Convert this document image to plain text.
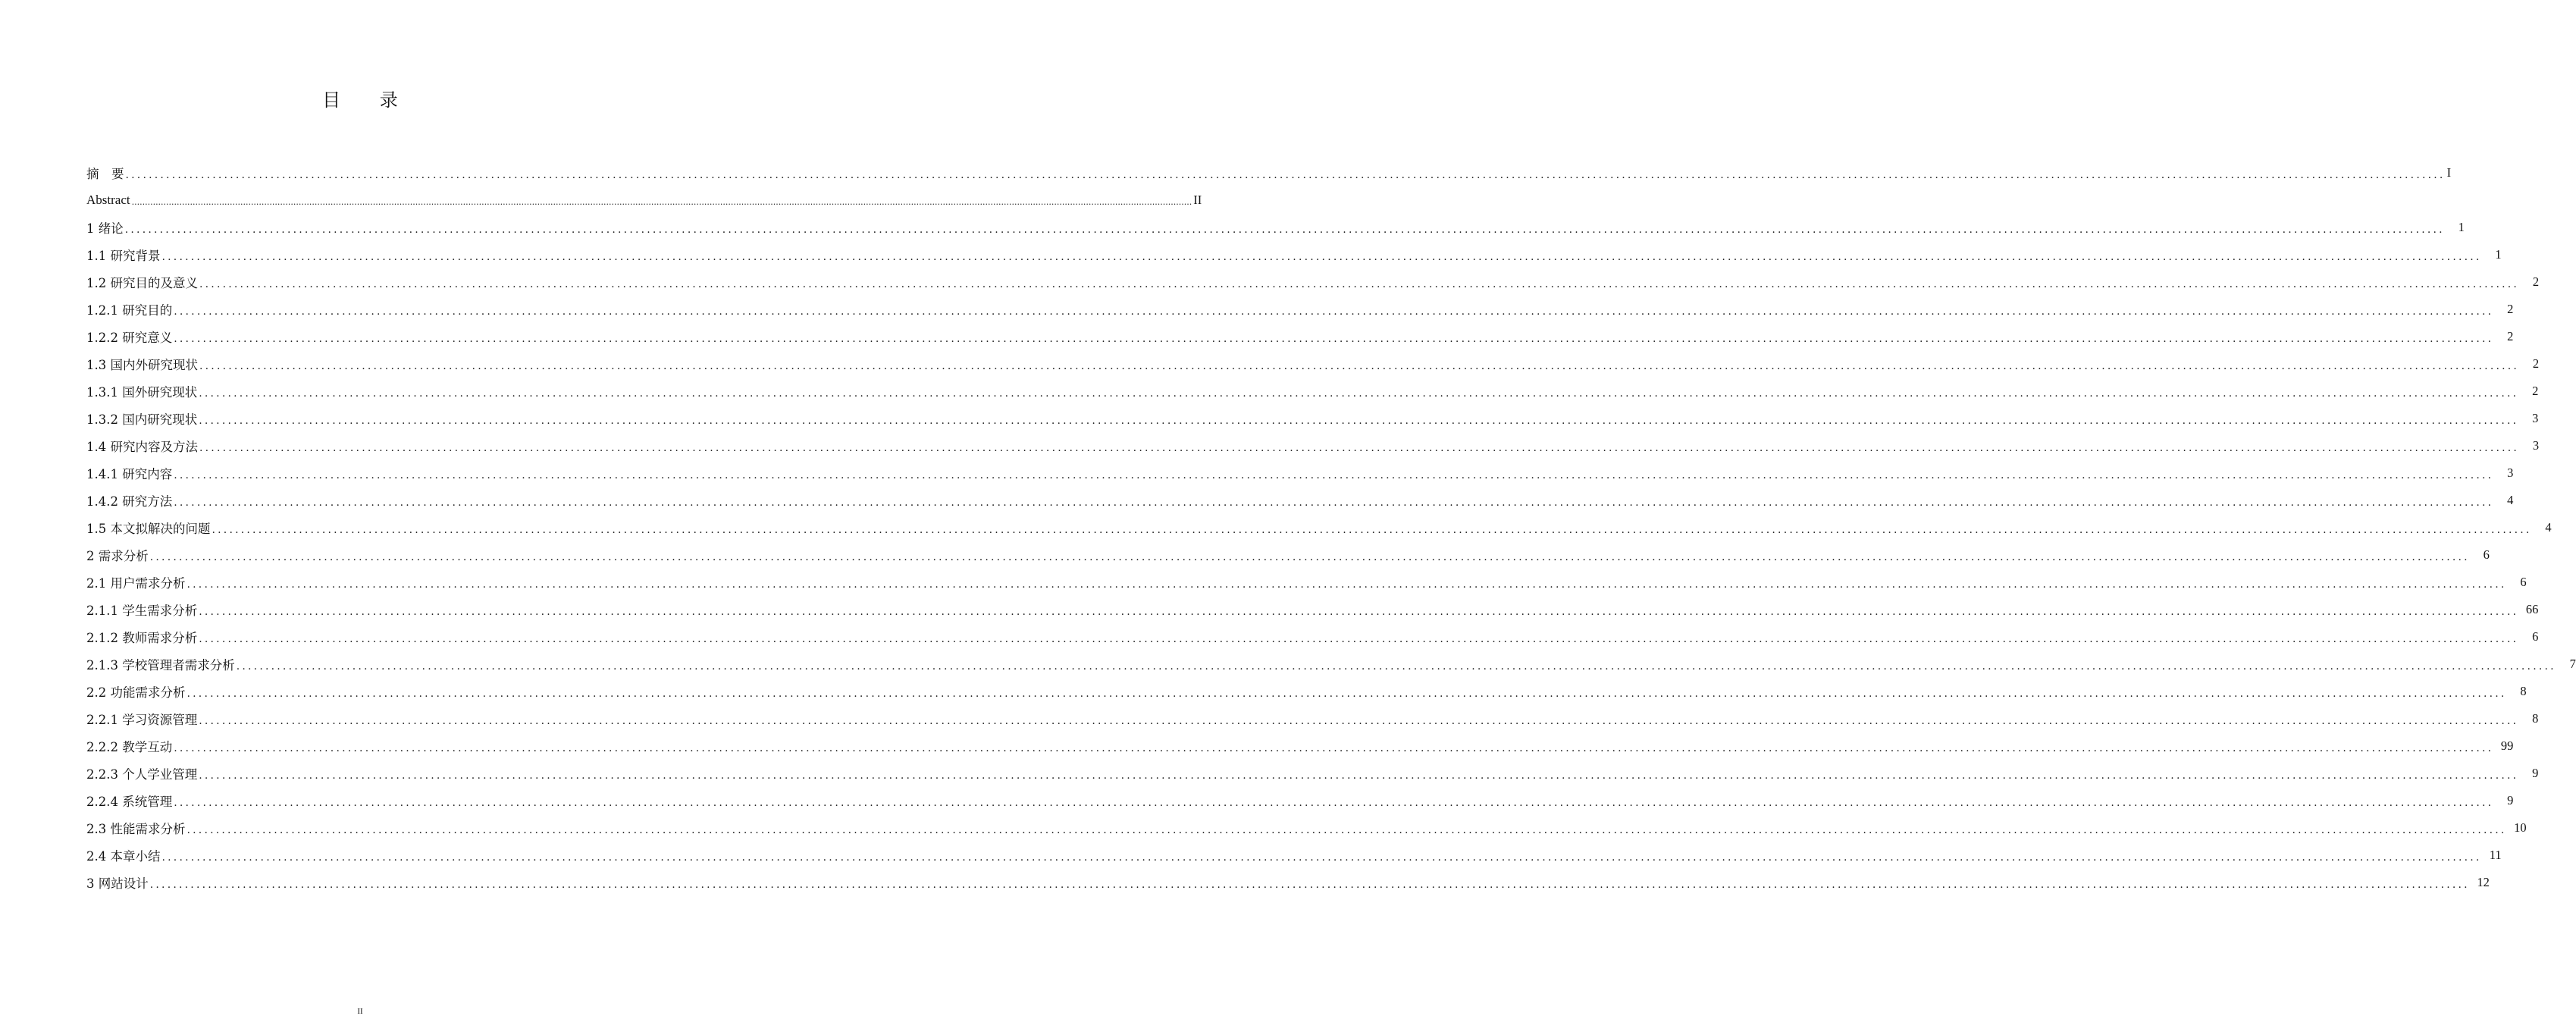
目 录
摘　要 ................................................................................................................................................................................................................................................................................................................................................................................................................ I
Abstract ................................................................................................................................................................................................................................................................................................................................................................................................................ II
1 绪论 ................................................................................................................................................................................................................................................................................................................................................................................................................	1
1.1 研究背景 ................................................................................................................................................................................................................................................................................................................................................................................................................	1
1.2 研究目的及意义 ................................................................................................................................................................................................................................................................................................................................................................................................................	2
1.2.1 研究目的 ................................................................................................................................................................................................................................................................................................................................................................................................................	2
1.2.2 研究意义 ................................................................................................................................................................................................................................................................................................................................................................................................................	2
1.3 国内外研究现状 ................................................................................................................................................................................................................................................................................................................................................................................................................	2
1.3.1 国外研究现状 ................................................................................................................................................................................................................................................................................................................................................................................................................	2
1.3.2 国内研究现状 ................................................................................................................................................................................................................................................................................................................................................................................................................	3
1.4 研究内容及方法 ................................................................................................................................................................................................................................................................................................................................................................................................................	3
1.4.1 研究内容 ................................................................................................................................................................................................................................................................................................................................................................................................................	3
1.4.2 研究方法 ................................................................................................................................................................................................................................................................................................................................................................................................................	4
1.5 本文拟解决的问题 ................................................................................................................................................................................................................................................................................................................................................................................................................	4
2 需求分析 ................................................................................................................................................................................................................................................................................................................................................................................................................	6
2.1 用户需求分析 ................................................................................................................................................................................................................................................................................................................................................................................................................	6
2.1.1 学生需求分析 ................................................................................................................................................................................................................................................................................................................................................................................................................ 66
2.1.2 教师需求分析 ................................................................................................................................................................................................................................................................................................................................................................................................................	6
2.1.3 学校管理者需求分析 ................................................................................................................................................................................................................................................................................................................................................................................................................	7
2.2 功能需求分析 ................................................................................................................................................................................................................................................................................................................................................................................................................	8
2.2.1 学习资源管理 ................................................................................................................................................................................................................................................................................................................................................................................................................	8
2.2.2 教学互动 ................................................................................................................................................................................................................................................................................................................................................................................................................ 99
2.2.3 个人学业管理 ................................................................................................................................................................................................................................................................................................................................................................................................................	9
2.2.4 系统管理 ................................................................................................................................................................................................................................................................................................................................................................................................................	9
2.3 性能需求分析 ................................................................................................................................................................................................................................................................................................................................................................................................................ 10
2.4 本章小结 ................................................................................................................................................................................................................................................................................................................................................................................................................ 11
3 网站设计 ................................................................................................................................................................................................................................................................................................................................................................................................................ 12
II
